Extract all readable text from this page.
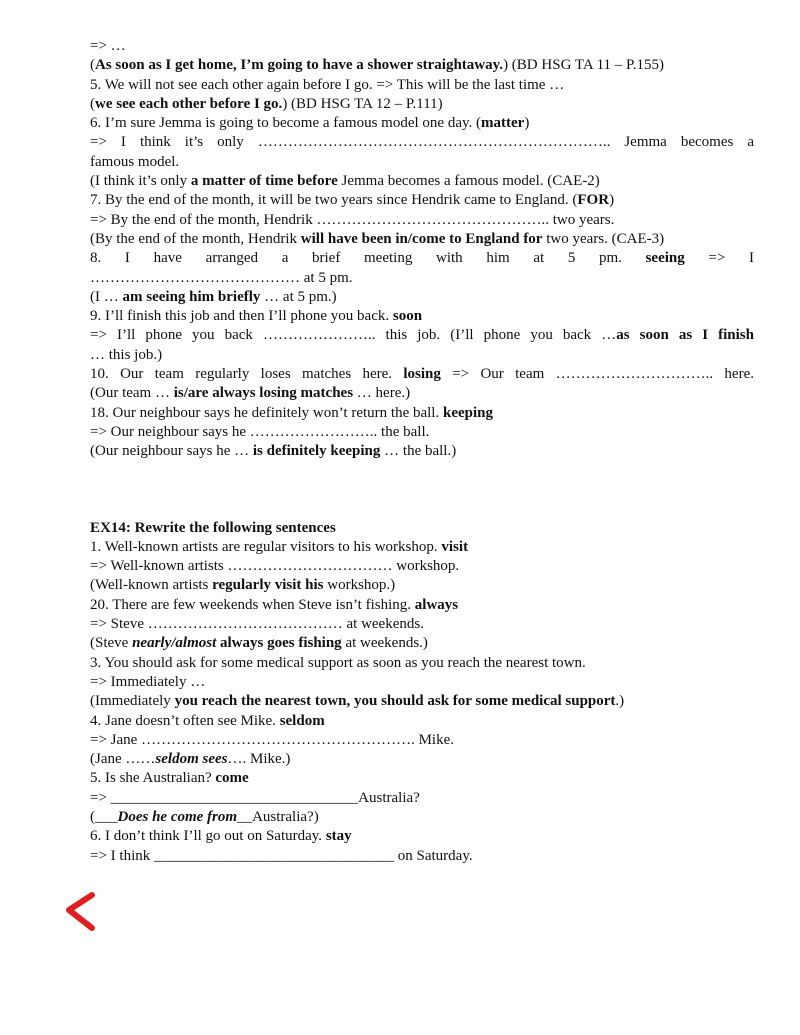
=> …
(As soon as I get home, I’m going to have a shower straightaway.) (BD HSG TA 11 – P.155)
5. We will not see each other again before I go. => This will be the last time …
(we see each other before I go.) (BD HSG TA 12 – P.111)
6. I’m sure Jemma is going to become a famous model one day. (matter)
=> I think it’s only …………………………………………………………….. Jemma becomes a
famous model.
(I think it’s only a matter of time before Jemma becomes a famous model. (CAE-2)
7. By the end of the month, it will be two years since Hendrik came to England. (FOR)
=> By the end of the month, Hendrik ……………………………………….. two years.
(By the end of the month, Hendrik will have been in/come to England for two years. (CAE-3)
8. I have arranged a brief meeting with him at 5 pm. seeing => I
…………………………………… at 5 pm.
(I … am seeing him briefly … at 5 pm.)
9. I’ll finish this job and then I’ll phone you back. soon
=> I’ll phone you back ………………….. this job. (I’ll phone you back …as soon as I finish
… this job.)
10. Our team regularly loses matches here. losing => Our team ………………………….. here.
(Our team … is/are always losing matches … here.)
18. Our neighbour says he definitely won’t return the ball. keeping
=> Our neighbour says he …………………….. the ball.
(Our neighbour says he … is definitely keeping … the ball.)
EX14: Rewrite the following sentences
1. Well-known artists are regular visitors to his workshop. visit
=> Well-known artists …………………………… workshop.
(Well-known artists regularly visit his workshop.)
20. There are few weekends when Steve isn’t fishing. always
=> Steve ………………………………… at weekends.
(Steve nearly/almost always goes fishing at weekends.)
3. You should ask for some medical support as soon as you reach the nearest town.
=> Immediately …
(Immediately you reach the nearest town, you should ask for some medical support.)
4. Jane doesn’t often see Mike. seldom
=> Jane ………………………………………………. Mike.
(Jane ……seldom sees…. Mike.)
5. Is she Australian? come
=> _________________________________Australia?
(___Does he come from__Australia?)
6. I don’t think I’ll go out on Saturday. stay
=> I think ________________________________ on Saturday.
